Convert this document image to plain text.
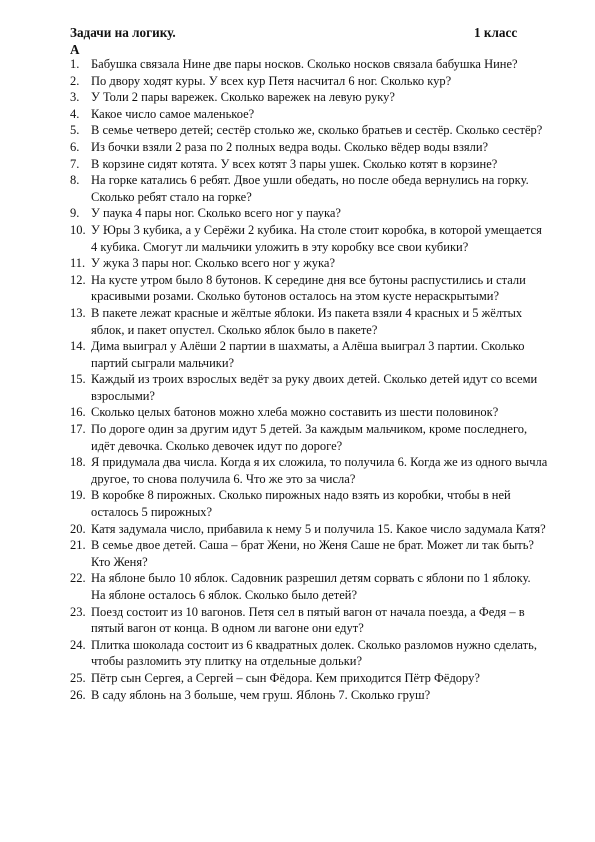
Задачи на логику.	1 класс
А
1. Бабушка связала Нине две пары носков. Сколько носков связала бабушка Нине?
2. По двору ходят куры. У всех кур Петя насчитал 6 ног. Сколько кур?
3. У Толи 2 пары варежек. Сколько варежек на левую руку?
4. Какое число самое маленькое?
5. В семье четверо детей; сестёр столько же, сколько братьев и сестёр. Сколько сестёр?
6. Из бочки взяли 2 раза по 2 полных ведра воды. Сколько вёдер воды взяли?
7. В корзине сидят котята. У всех котят 3 пары ушек. Сколько котят в корзине?
8. На горке катались 6 ребят. Двое ушли обедать, но после обеда вернулись на горку. Сколько ребят стало на горке?
9. У паука 4 пары ног. Сколько всего ног у паука?
10. У Юры 3 кубика, а у Серёжи 2 кубика. На столе стоит коробка, в которой умещается 4 кубика. Смогут ли мальчики уложить в эту коробку все свои кубики?
11. У жука 3 пары ног. Сколько всего ног у жука?
12. На кусте утром было 8 бутонов. К середине дня все бутоны распустились и стали красивыми розами. Сколько бутонов осталось на этом кусте нераскрытыми?
13. В пакете лежат красные и жёлтые яблоки. Из пакета взяли 4 красных и 5 жёлтых яблок, и пакет опустел. Сколько яблок было в пакете?
14. Дима выиграл у Алёши 2 партии в шахматы, а Алёша выиграл 3 партии. Сколько партий сыграли мальчики?
15. Каждый из троих взрослых ведёт за руку двоих детей. Сколько детей идут со всеми взрослыми?
16. Сколько целых батонов можно хлеба можно составить из шести половинок?
17. По дороге один за другим идут 5 детей. За каждым мальчиком, кроме последнего, идёт девочка. Сколько девочек идут по дороге?
18. Я придумала два числа. Когда я их сложила, то получила 6. Когда же из одного вычла другое, то снова получила 6. Что же это за числа?
19. В коробке 8 пирожных. Сколько пирожных надо взять из коробки, чтобы в ней осталось 5 пирожных?
20. Катя задумала число, прибавила к нему 5 и получила 15. Какое число задумала Катя?
21. В семье двое детей. Саша – брат Жени, но Женя Саше не брат. Может ли так быть? Кто Женя?
22. На яблоне было 10 яблок. Садовник разрешил детям сорвать с яблони по 1 яблоку. На яблоне осталось 6 яблок. Сколько было детей?
23. Поезд состоит из 10 вагонов. Петя сел в пятый вагон от начала поезда, а Федя – в пятый вагон от конца. В одном ли вагоне они едут?
24. Плитка шоколада состоит из 6 квадратных долек. Сколько разломов нужно сделать, чтобы разломить эту плитку на отдельные дольки?
25. Пётр сын Сергея, а Сергей – сын Фёдора. Кем приходится Пётр Фёдору?
26. В саду яблонь на 3 больше, чем груш. Яблонь 7. Сколько груш?
